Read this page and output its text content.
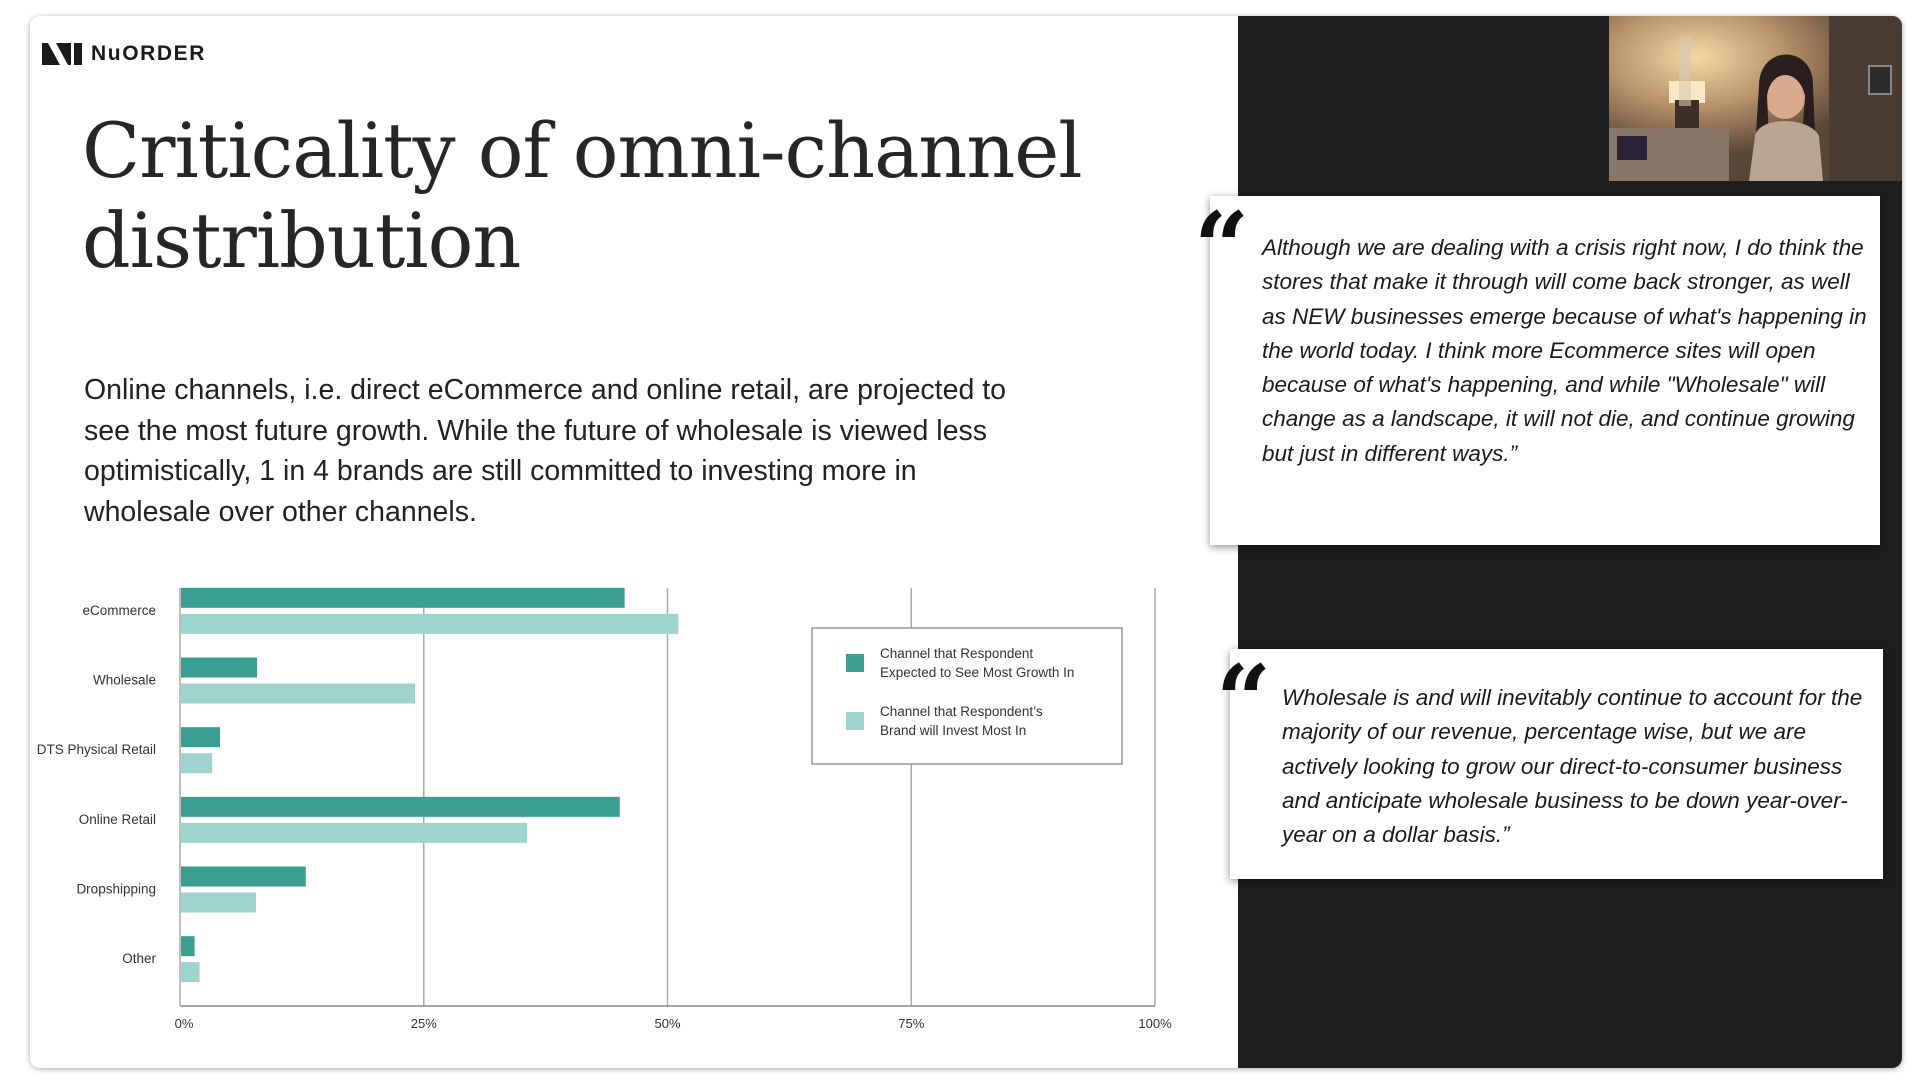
NuORDER
Criticality of omni-channel
distribution

Online channels, i.e. direct eCommerce and online retail, are projected to see the most future growth. While the future of wholesale is viewed less optimistically, 1 in 4 brands are still committed to investing more in wholesale over other channels.

0%	25%	50%	75%	100%
eCommerce
Wholesale
DTS Physical Retail
Online Retail
Dropshipping
Other
Channel that Respondent
Expected to See Most Growth In
Channel that Respondent’s
Brand will Invest Most In
“ Although we are dealing with a crisis right now, I do think the stores that make it through will come back stronger, as well as NEW businesses emerge because of what's happening in the world today. I think more Ecommerce sites will open because of what's happening, and while "Wholesale" will change as a landscape, it will not die, and continue growing but just in different ways.”

“ Wholesale is and will inevitably continue to account for the majority of our revenue, percentage wise, but we are actively looking to grow our direct-to-consumer business and anticipate wholesale business to be down year-over-year on a dollar basis.”
